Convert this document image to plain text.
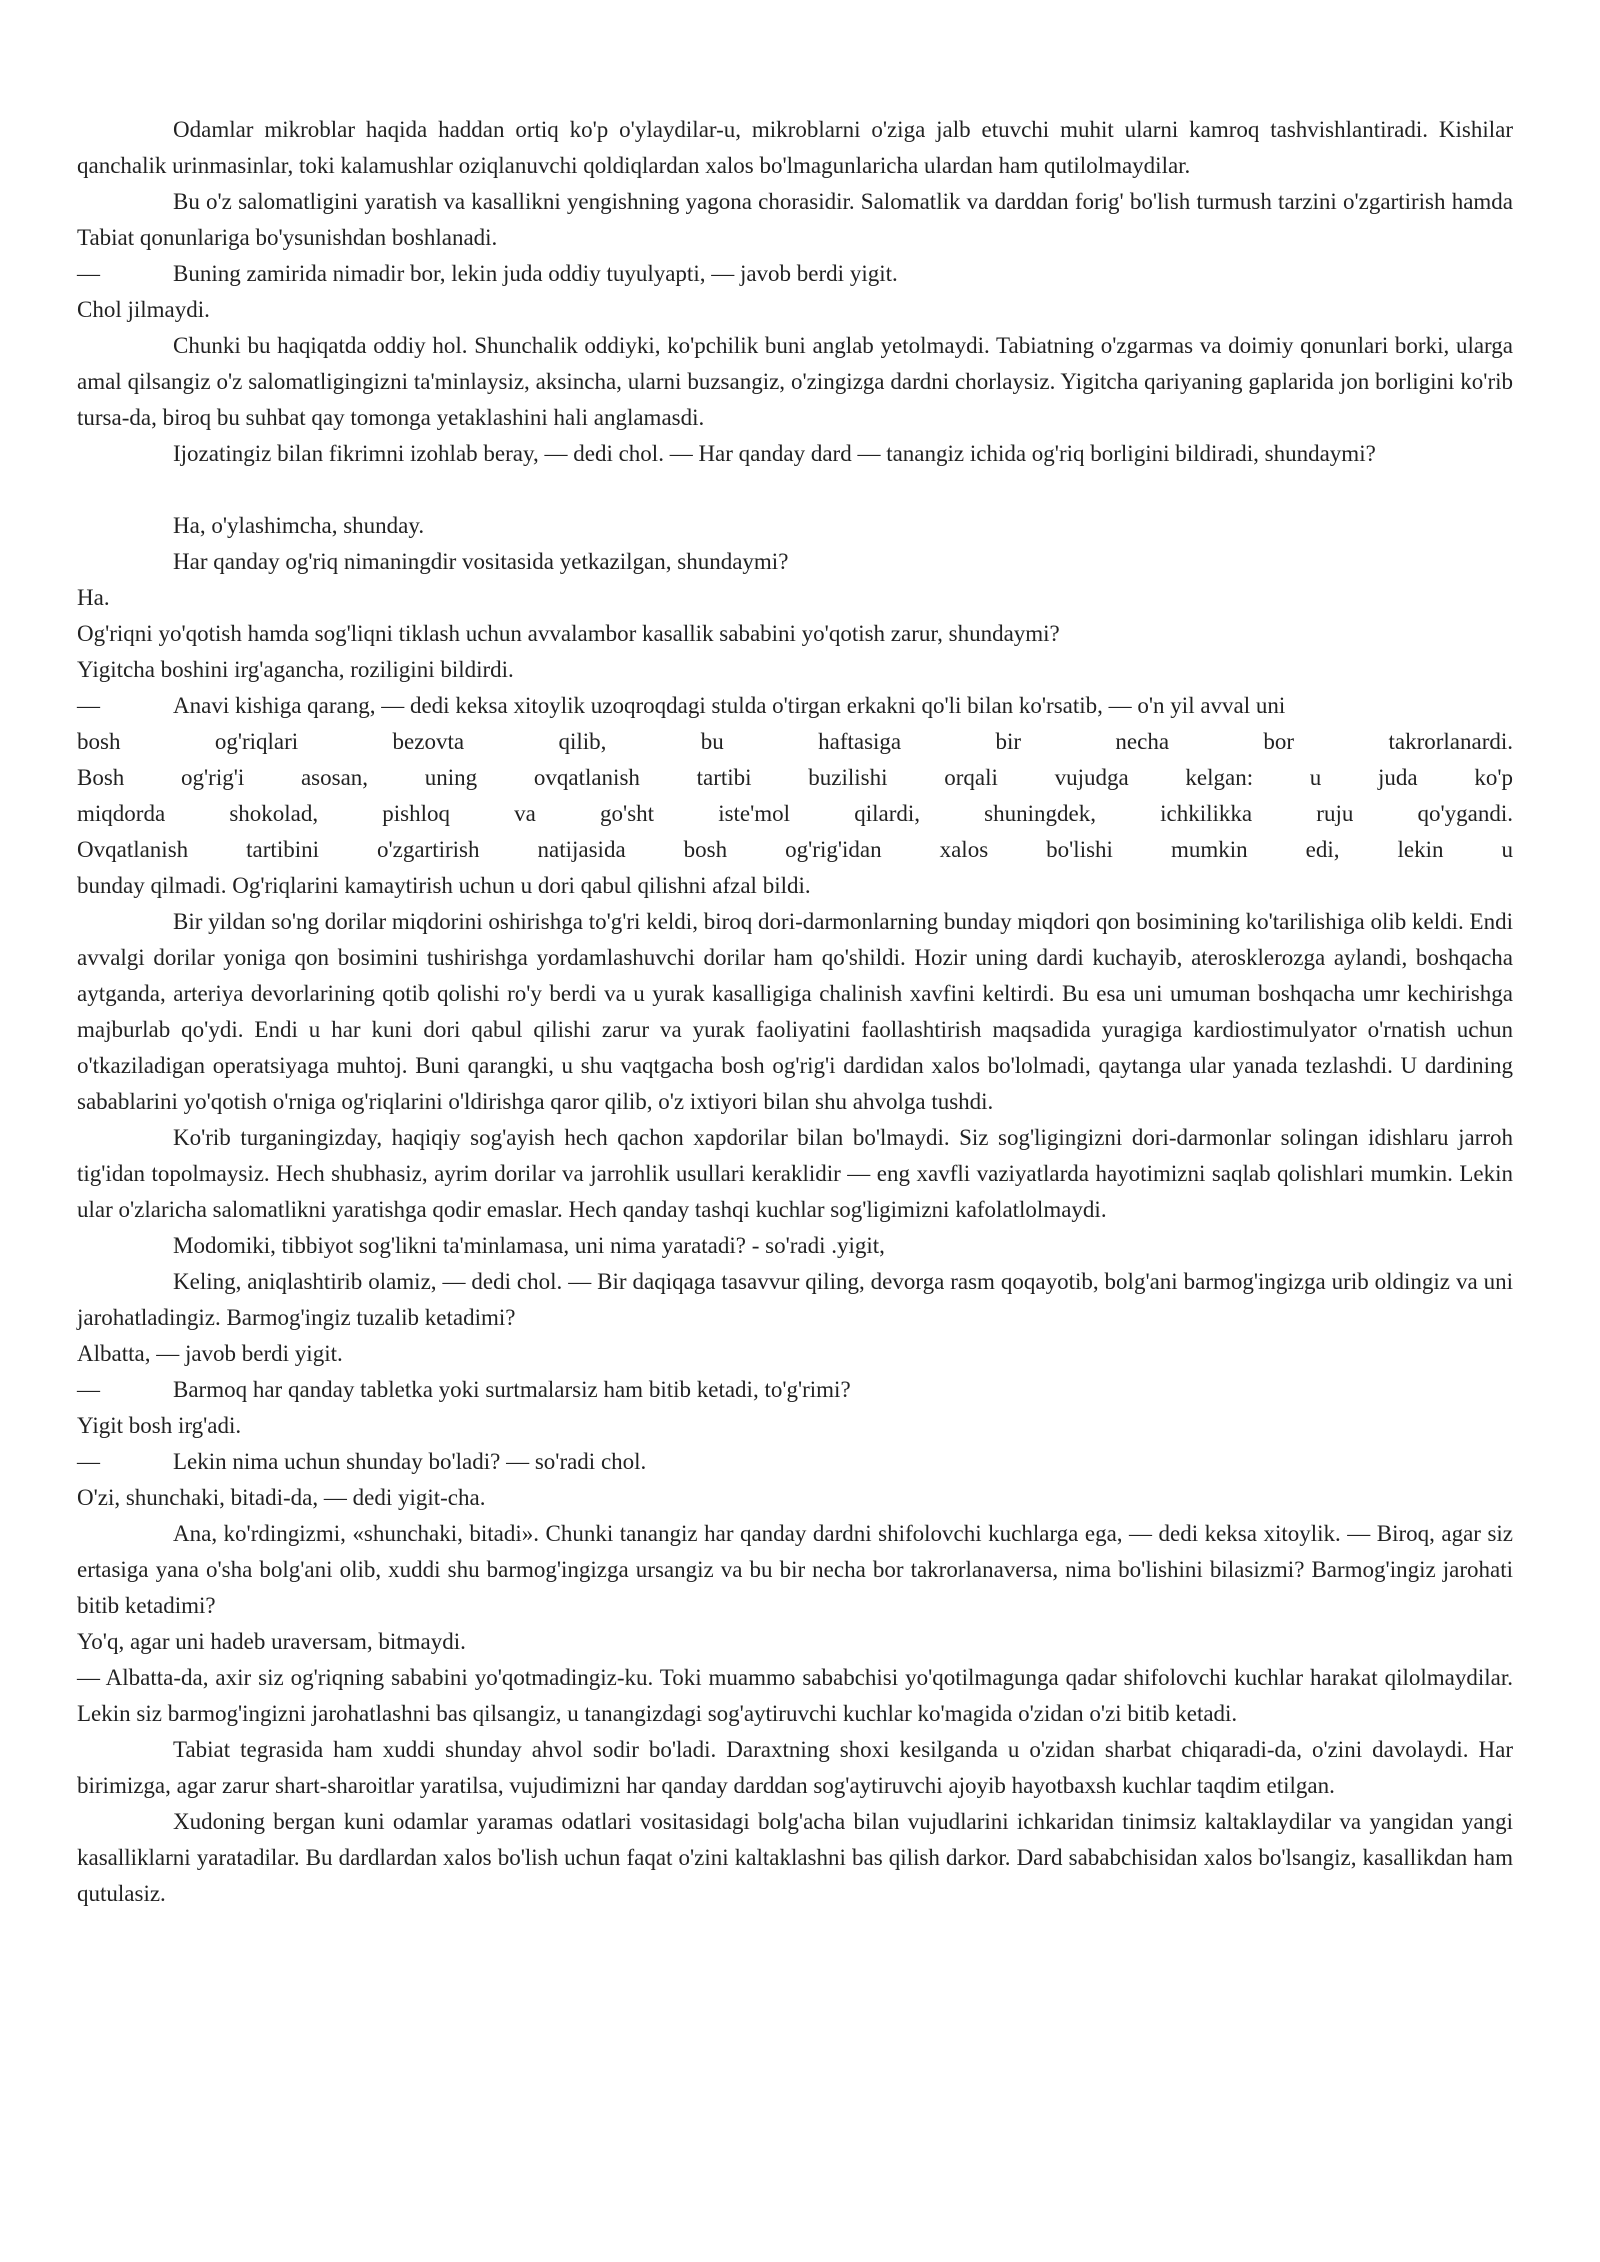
Odamlar mikroblar haqida haddan ortiq ko'p o'ylaydilar-u, mikroblarni o'ziga jalb etuvchi muhit ularni kamroq tashvishlantiradi. Kishilar qanchalik urinmasinlar, toki kalamushlar oziqlanuvchi qoldiqlardan xalos bo'lmagunlaricha ulardan ham qutilolmaydilar.

Bu o'z salomatligini yaratish va kasallikni yengishning yagona chorasidir. Salomatlik va darddan forig' bo'lish turmush tarzini o'zgartirish hamda Tabiat qonunlariga bo'ysunishdan boshlanadi.

—	Buning zamirida nimadir bor, lekin juda oddiy tuyulyapti, — javob berdi yigit.

Chol jilmaydi.

Chunki bu haqiqatda oddiy hol. Shunchalik oddiyki, ko'pchilik buni anglab yetolmaydi. Tabiatning o'zgarmas va doimiy qonunlari borki, ularga amal qilsangiz o'z salomatligingizni ta'minlaysiz, aksincha, ularni buzsangiz, o'zingizga dardni chorlaysiz. Yigitcha qariyaning gaplarida jon borligini ko'rib tursa-da, biroq bu suhbat qay tomonga yetaklashini hali anglamasdi.

Ijozatingiz bilan fikrimni izohlab beray, — dedi chol. — Har qanday dard — tanangiz ichida og'riq borligini bildiradi, shundaymi?

Ha, o'ylashimcha, shunday.

Har qanday og'riq nimaningdir vositasida yetkazilgan, shundaymi?

Ha.

Og'riqni yo'qotish hamda sog'liqni tiklash uchun avvalambor kasallik sababini yo'qotish zarur, shundaymi?

Yigitcha boshini irg'agancha, roziligini bildirdi.

—	Anavi kishiga qarang, — dedi keksa xitoylik uzoqroqdagi stulda o'tirgan erkakni qo'li bilan ko'rsatib, — o'n yil avval uni

bosh og'riqlari bezovta qilib, bu haftasiga bir necha bor takrorlanardi.

Bosh og'rig'i asosan, uning ovqatlanish tartibi buzilishi orqali vujudga kelgan: u juda ko'p

miqdorda shokolad, pishloq va go'sht iste'mol qilardi, shuningdek, ichkilikka ruju qo'ygandi.

Ovqatlanish tartibini o'zgartirish natijasida bosh og'rig'idan xalos bo'lishi mumkin edi, lekin u

bunday qilmadi. Og'riqlarini kamaytirish uchun u dori qabul qilishni afzal bildi.

Bir yildan so'ng dorilar miqdorini oshirishga to'g'ri keldi, biroq dori-darmonlarning bunday miqdori qon bosimining ko'tarilishiga olib keldi. Endi avvalgi dorilar yoniga qon bosimini tushirishga yordamlashuvchi dorilar ham qo'shildi. Hozir uning dardi kuchayib, aterosklerozga aylandi, boshqacha aytganda, arteriya devorlarining qotib qolishi ro'y berdi va u yurak kasalligiga chalinish xavfini keltirdi. Bu esa uni umuman boshqacha umr kechirishga majburlab qo'ydi. Endi u har kuni dori qabul qilishi zarur va yurak faoliyatini faollashtirish maqsadida yuragiga kardiostimulyator o'rnatish uchun o'tkaziladigan operatsiyaga muhtoj. Buni qarangki, u shu vaqtgacha bosh og'rig'i dardidan xalos bo'lolmadi, qaytanga ular yanada tezlashdi. U dardining sabablarini yo'qotish o'rniga og'riqlarini o'ldirishga qaror qilib, o'z ixtiyori bilan shu ahvolga tushdi.

Ko'rib turganingizday, haqiqiy sog'ayish hech qachon xapdorilar bilan bo'lmaydi. Siz sog'ligingizni dori-darmonlar solingan idishlaru jarroh tig'idan topolmaysiz. Hech shubhasiz, ayrim dorilar va jarrohlik usullari keraklidir — eng xavfli vaziyatlarda hayotimizni saqlab qolishlari mumkin. Lekin ular o'zlaricha salomatlikni yaratishga qodir emaslar. Hech qanday tashqi kuchlar sog'ligimizni kafolatlolmaydi.

Modomiki, tibbiyot sog'likni ta'minlamasa, uni nima yaratadi? - so'radi .yigit,

Keling, aniqlashtirib olamiz, — dedi chol. — Bir daqiqaga tasavvur qiling, devorga rasm qoqayotib, bolg'ani barmog'ingizga urib oldingiz va uni jarohatladingiz. Barmog'ingiz tuzalib ketadimi?

Albatta, — javob berdi yigit.

—	Barmoq har qanday tabletka yoki surtmalarsiz ham bitib ketadi, to'g'rimi?

Yigit bosh irg'adi.

—	Lekin nima uchun shunday bo'ladi? — so'radi chol.

O'zi, shunchaki, bitadi-da, — dedi yigit-cha.

Ana, ko'rdingizmi, «shunchaki, bitadi». Chunki tanangiz har qanday dardni shifolovchi kuchlarga ega, — dedi keksa xitoylik. — Biroq, agar siz ertasiga yana o'sha bolg'ani olib, xuddi shu barmog'ingizga ursangiz va bu bir necha bor takrorlanaversa, nima bo'lishini bilasizmi? Barmog'ingiz jarohati bitib ketadimi?

Yo'q, agar uni hadeb uraversam, bitmaydi.

— Albatta-da, axir siz og'riqning sababini yo'qotmadingiz-ku. Toki muammo sababchisi yo'qotilmagunga qadar shifolovchi kuchlar harakat qilolmaydilar. Lekin siz barmog'ingizni jarohatlashni bas qilsangiz, u tanangizdagi sog'aytiruvchi kuchlar ko'magida o'zidan o'zi bitib ketadi.

Tabiat tegrasida ham xuddi shunday ahvol sodir bo'ladi. Daraxtning shoxi kesilganda u o'zidan sharbat chiqaradi-da, o'zini davolaydi. Har birimizga, agar zarur shart-sharoitlar yaratilsa, vujudimizni har qanday darddan sog'aytiruvchi ajoyib hayotbaxsh kuchlar taqdim etilgan.

Xudoning bergan kuni odamlar yaramas odatlari vositasidagi bolg'acha bilan vujudlarini ichkaridan tinimsiz kaltaklaydilar va yangidan yangi kasalliklarni yaratadilar. Bu dardlardan xalos bo'lish uchun faqat o'zini kaltaklashni bas qilish darkor. Dard sababchisidan xalos bo'lsangiz, kasallikdan ham qutulasiz.
